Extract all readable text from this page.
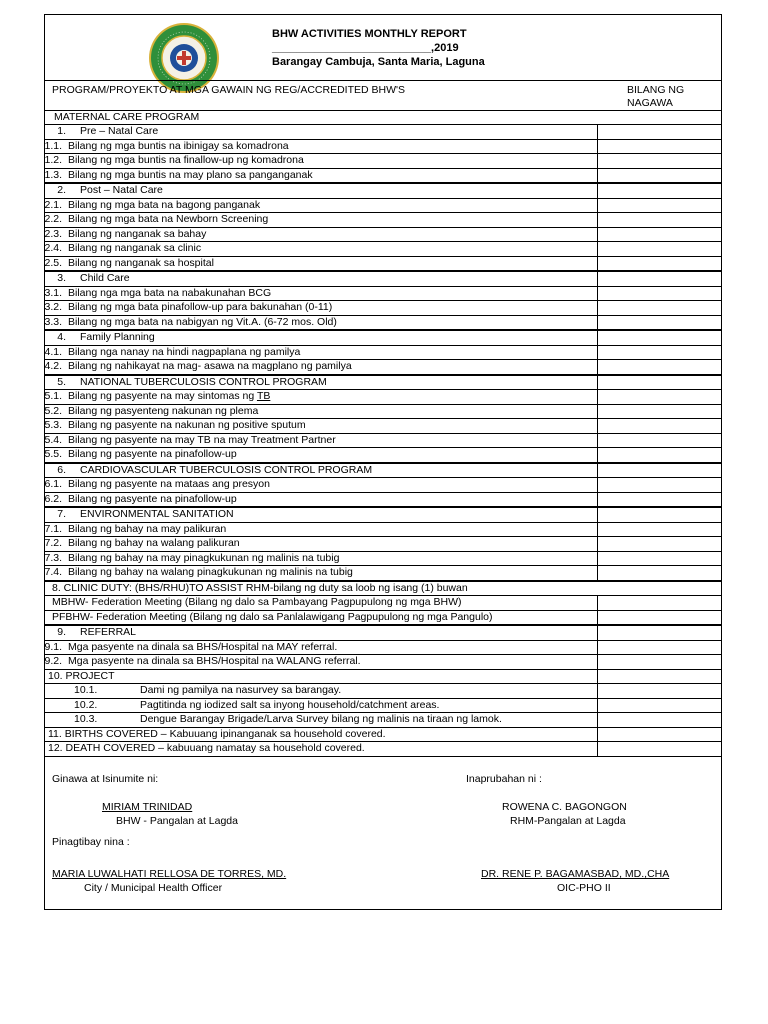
BHW ACTIVITIES MONTHLY REPORT
__________________________,2019
Barangay Cambuja, Santa Maria, Laguna
PROGRAM/PROYEKTO AT MGA GAWAIN NG REG/ACCREDITED BHW'S	BILANG NG
NAGAWA
MATERNAL CARE PROGRAM
1. Pre – Natal Care	
1.1. Bilang ng mga buntis na ibinigay sa komadrona	
1.2. Bilang ng mga buntis na finallow-up ng komadrona	
1.3. Bilang ng mga buntis na may plano sa panganganak	
2. Post – Natal Care	
2.1. Bilang ng mga bata na bagong panganak	
2.2. Bilang ng mga bata na Newborn Screening	
2.3. Bilang ng nanganak sa bahay	
2.4. Bilang ng nanganak sa clinic	
2.5. Bilang ng nanganak sa hospital	
3. Child Care	
3.1. Bilang nga mga bata na nabakunahan BCG	
3.2. Bilang ng mga bata pinafollow-up para bakunahan (0-11)	
3.3. Bilang ng mga bata na nabigyan ng Vit.A. (6-72 mos. Old)	
4. Family Planning	
4.1. Bilang nga nanay na hindi nagpaplana ng pamilya	
4.2. Bilang ng nahikayat na mag- asawa na magplano ng pamilya	
5. NATIONAL TUBERCULOSIS CONTROL PROGRAM	
5.1. Bilang ng pasyente na may sintomas ng TB	
5.2. Bilang ng pasyenteng nakunan ng plema	
5.3. Bilang ng pasyente na nakunan ng positive sputum	
5.4. Bilang ng pasyente na may TB na may Treatment Partner	
5.5. Bilang ng pasyente na pinafollow-up	
6. CARDIOVASCULAR TUBERCULOSIS CONTROL PROGRAM	
6.1. Bilang ng pasyente na mataas ang presyon	
6.2. Bilang ng pasyente na pinafollow-up	
7. ENVIRONMENTAL SANITATION	
7.1. Bilang ng bahay na may palikuran	
7.2. Bilang ng bahay na walang palikuran	
7.3. Bilang ng bahay na may pinagkukunan ng malinis na tubig	
7.4. Bilang ng bahay na walang pinagkukunan ng malinis na tubig	
8. CLINIC DUTY: (BHS/RHU)TO ASSIST RHM-bilang ng duty sa loob ng isang (1) buwan	
MBHW- Federation Meeting (Bilang ng dalo sa Pambayang Pagpupulong ng mga BHW)	
PFBHW- Federation Meeting (Bilang ng dalo sa Panlalawigang Pagpupulong ng mga Pangulo)	
9. REFERRAL	
9.1. Mga pasyente na dinala sa BHS/Hospital na MAY referral.	
9.2. Mga pasyente na dinala sa BHS/Hospital na WALANG referral.	
10. PROJECT	
10.1. Dami ng pamilya na nasurvey sa barangay.	
10.2. Pagtitinda ng iodized salt sa inyong household/catchment areas.	
10.3. Dengue Barangay Brigade/Larva Survey bilang ng malinis na tiraan ng lamok.	
11. BIRTHS COVERED – Kabuuang ipinanganak sa household covered.	
12. DEATH COVERED – kabuuang namatay sa household covered.	

Ginawa at Isinumite ni:	Inaprubahan ni :
MIRIAM TRINIDAD
BHW - Pangalan at Lagda
ROWENA C. BAGONGON
RHM-Pangalan at Lagda
Pinagtibay nina :
MARIA LUWALHATI RELLOSA DE TORRES, MD.
City / Municipal Health Officer
DR. RENE P. BAGAMASBAD, MD.,CHA
OIC-PHO II
